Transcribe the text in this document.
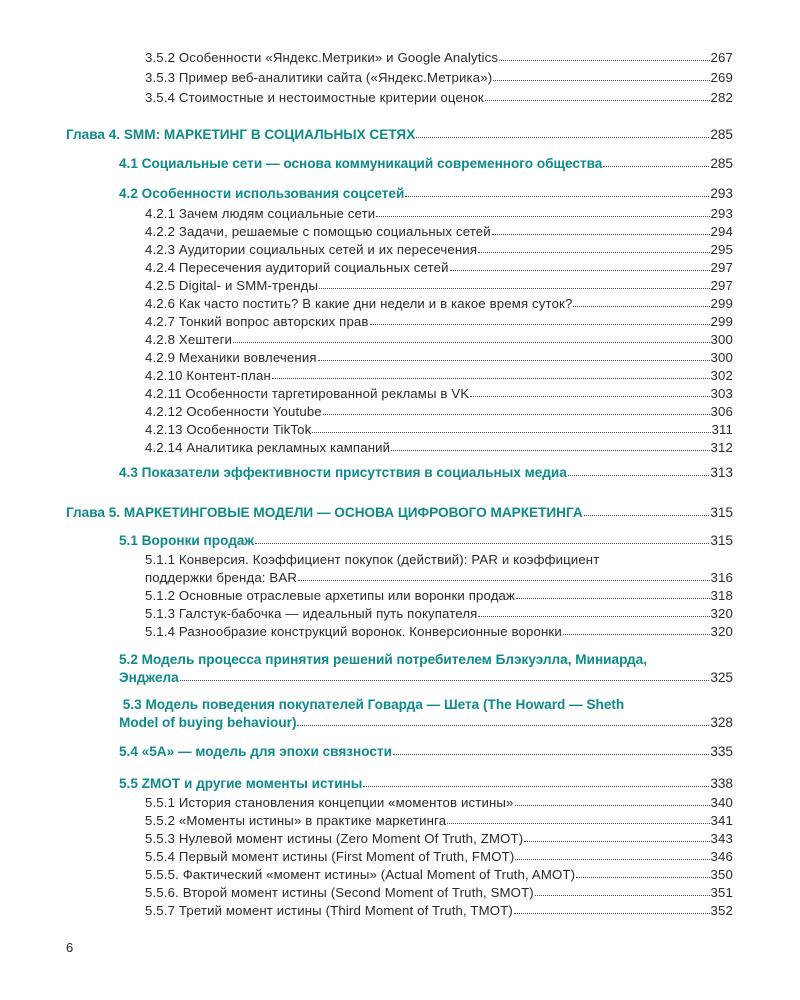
3.5.2 Особенности «Яндекс.Метрики» и Google Analytics	267
3.5.3 Пример веб-аналитики сайта («Яндекс.Метрика»)	269
3.5.4 Стоимостные и нестоимостные критерии оценок	282
Глава 4. SMM: МАРКЕТИНГ В СОЦИАЛЬНЫХ СЕТЯХ	285
4.1 Социальные сети — основа коммуникаций современного общества	285
4.2 Особенности использования соцсетей	293
4.2.1 Зачем людям социальные сети	293
4.2.2 Задачи, решаемые с помощью социальных сетей	294
4.2.3 Аудитории социальных сетей и их пересечения	295
4.2.4 Пересечения аудиторий социальных сетей	297
4.2.5 Digital- и SMM-тренды	297
4.2.6 Как часто постить? В какие дни недели и в какое время суток?	299
4.2.7 Тонкий вопрос авторских прав	299
4.2.8 Хештеги	300
4.2.9 Механики вовлечения	300
4.2.10 Контент-план	302
4.2.11 Особенности таргетированной рекламы в VK	303
4.2.12 Особенности Youtube	306
4.2.13 Особенности TikTok	311
4.2.14 Аналитика рекламных кампаний	312
4.3 Показатели эффективности присутствия в социальных медиа	313
Глава 5. МАРКЕТИНГОВЫЕ МОДЕЛИ — ОСНОВА ЦИФРОВОГО МАРКЕТИНГА	315
5.1 Воронки продаж	315
5.1.1 Конверсия. Коэффициент покупок (действий): PAR и коэффициент
поддержки бренда: BAR	316
5.1.2 Основные отраслевые архетипы или воронки продаж	318
5.1.3 Галстук-бабочка — идеальный путь покупателя	320
5.1.4 Разнообразие конструкций воронок. Конверсионные воронки	320
5.2 Модель процесса принятия решений потребителем Блэкуэлла, Миниарда,
Энджела	325
5.3 Модель поведения покупателей Говарда — Шета (The Howard — Sheth
Model of buying behaviour)	328
5.4 «5A» — модель для эпохи связности	335
5.5 ZMOT и другие моменты истины	338
5.5.1 История становления концепции «моментов истины»	340
5.5.2 «Моменты истины» в практике маркетинга	341
5.5.3 Нулевой момент истины (Zero Moment Of Truth, ZMOT)	343
5.5.4 Первый момент истины (First Moment of Truth, FMOT)	346
5.5.5. Фактический «момент истины» (Actual Moment of Truth, AMOT)	350
5.5.6. Второй момент истины (Second Moment of Truth, SMOT)	351
5.5.7 Третий момент истины (Third Moment of Truth, TMOT)	352
6
